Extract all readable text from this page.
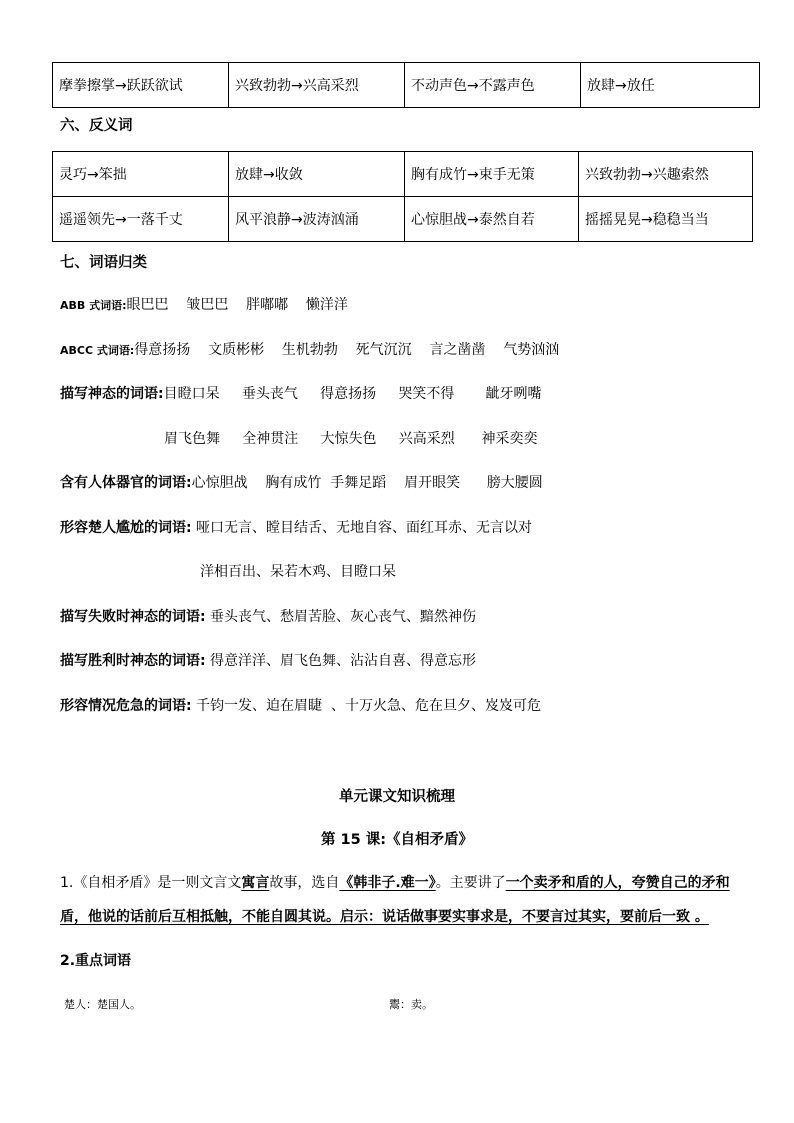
摩拳擦掌→跃跃欲试	兴致勃勃→兴高采烈	不动声色→不露声色	放肆→放任
六、反义词
灵巧→笨拙	放肆→收敛	胸有成竹→束手无策	兴致勃勃→兴趣索然
遥遥领先→一落千丈	风平浪静→波涛汹涌	心惊胆战→泰然自若	摇摇晃晃→稳稳当当
七、词语归类
ABB 式词语:眼巴巴    皱巴巴    胖嘟嘟    懒洋洋
ABCC 式词语:得意扬扬    文质彬彬    生机勃勃    死气沉沉    言之凿凿    气势汹汹
描写神态的词语:目瞪口呆     垂头丧气     得意扬扬     哭笑不得       龇牙咧嘴
眉飞色舞     全神贯注     大惊失色     兴高采烈      神采奕奕
含有人体器官的词语:心惊胆战    胸有成竹  手舞足蹈    眉开眼笑      膀大腰圆
形容楚人尴尬的词语: 哑口无言、瞠目结舌、无地自容、面红耳赤、无言以对
洋相百出、呆若木鸡、目瞪口呆
描写失败时神态的词语: 垂头丧气、愁眉苦脸、灰心丧气、黯然神伤
描写胜利时神态的词语: 得意洋洋、眉飞色舞、沾沾自喜、得意忘形
形容情况危急的词语: 千钧一发、迫在眉睫  、十万火急、危在旦夕、岌岌可危
单元课文知识梳理
第 15 课:《自相矛盾》
1.《自相矛盾》是一则文言文寓言故事，选自《韩非子.难一》。主要讲了一个卖矛和盾的人，夸赞自己的矛和盾，他说的话前后互相抵触，不能自圆其说。启示：说话做事要实事求是，不要言过其实，要前后一致 。
2.重点词语
楚人：楚国人。	鬻：卖。
